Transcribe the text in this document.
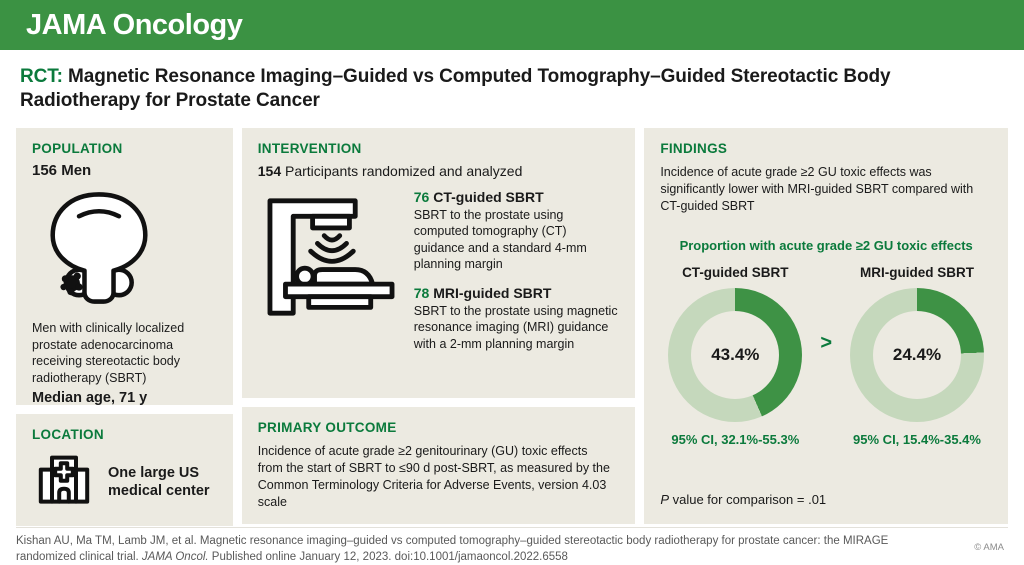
JAMA Oncology
RCT: Magnetic Resonance Imaging–Guided vs Computed Tomography–Guided Stereotactic Body Radiotherapy for Prostate Cancer
POPULATION
156 Men

Men with clinically localized prostate adenocarcinoma receiving stereotactic body radiotherapy (SBRT)

Median age, 71 y
LOCATION
One large US medical center
INTERVENTION
154 Participants randomized and analyzed
76 CT-guided SBRT

SBRT to the prostate using computed tomography (CT) guidance and a standard 4-mm planning margin

78 MRI-guided SBRT

SBRT to the prostate using magnetic resonance imaging (MRI) guidance with a 2-mm planning margin

PRIMARY OUTCOME

Incidence of acute grade ≥2 genitourinary (GU) toxic effects from the start of SBRT to ≤90 d post-SBRT, as measured by the Common Terminology Criteria for Adverse Events, version 4.03 scale

FINDINGS

Incidence of acute grade ≥2 GU toxic effects was significantly lower with MRI-guided SBRT compared with CT-guided SBRT

Proportion with acute grade ≥2 GU toxic effects
CT-guided SBRT
43.4%
95% CI, 32.1%-55.3%
>
MRI-guided SBRT
24.4%
95% CI, 15.4%-35.4%
P value for comparison = .01

Kishan AU, Ma TM, Lamb JM, et al. Magnetic resonance imaging–guided vs computed tomography–guided stereotactic body radiotherapy for prostate cancer: the MIRAGE randomized clinical trial. JAMA Oncol. Published online January 12, 2023. doi:10.1001/jamaoncol.2022.6558

© AMA
